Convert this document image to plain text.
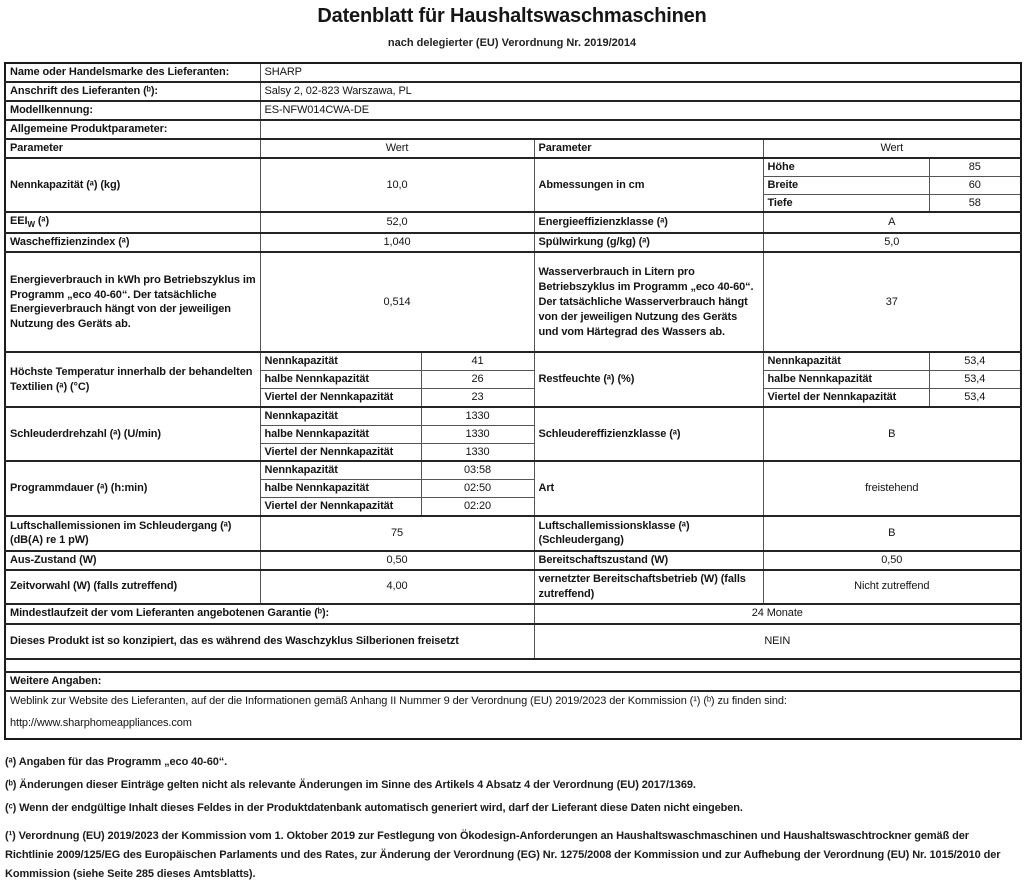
Datenblatt für Haushaltswaschmaschinen
nach delegierter (EU) Verordnung Nr. 2019/2014
Name oder Handelsmarke des Lieferanten:	SHARP				
Anschrift des Lieferanten (ᵇ):	Salsy 2, 02-823 Warszawa, PL				
Modellkennung:	ES-NFW014CWA-DE				
Allgemeine Produktparameter:					
Parameter	Wert		Parameter	Wert	
Nennkapazität (ᵃ) (kg)	10,0		Abmessungen in cm	Höhe	85
				Breite	60
				Tiefe	58
$EEI_W$ (ᵃ)	52,0		Energieeffizienzklasse (ᵃ)	A	
Wascheffizienzindex (ᵃ)	1,040		Spülwirkung (g/kg) (ᵃ)	5,0	
Energieverbrauch in kWh pro Betriebszyklus im Programm „eco 40-60“. Der tatsächliche Energieverbrauch hängt von der jeweiligen Nutzung des Geräts ab.	0,514		Wasserverbrauch in Litern pro Betriebszyklus im Programm „eco 40-60“. Der tatsächliche Wasserverbrauch hängt von der jeweiligen Nutzung des Geräts und vom Härtegrad des Wassers ab.	37	
Höchste Temperatur innerhalb der behandelten Textilien (ᵃ) (°C)	Nennkapazität	41	Restfeuchte (ᵃ) (%)	Nennkapazität	53,4
	halbe Nennkapazität	26		halbe Nennkapazität	53,4
	Viertel der Nennkapazität	23		Viertel der Nennkapazität	53,4
Schleuderdrehzahl (ᵃ) (U/min)	Nennkapazität	1330	Schleudereffizienzklasse (ᵃ)	B	
	halbe Nennkapazität	1330			
	Viertel der Nennkapazität	1330			
Programmdauer (ᵃ) (h:min)	Nennkapazität	03:58	Art	freistehend	
	halbe Nennkapazität	02:50			
	Viertel der Nennkapazität	02:20			
Luftschallemissionen im Schleudergang (ᵃ) (dB(A) re 1 pW)	75		Luftschallemissionsklasse (ᵃ) (Schleudergang)	B	
Aus-Zustand (W)	0,50		Bereitschaftszustand (W)	0,50	
Zeitvorwahl (W) (falls zutreffend)	4,00		vernetzter Bereitschaftsbetrieb (W) (falls zutreffend)	Nicht zutreffend	
Mindestlaufzeit der vom Lieferanten angebotenen Garantie (ᵇ):			24 Monate		
Dieses Produkt ist so konzipiert, das es während des Waschzyklus Silberionen freisetzt			NEIN		

Weitere Angaben:					

Weblink zur Website des Lieferanten, auf der die Informationen gemäß Anhang II Nummer 9 der Verordnung (EU) 2019/2023 der Kommission (¹) (ᵇ) zu finden sind:
http://www.sharphomeappliances.com					
(ᵃ) Angaben für das Programm „eco 40-60“.
(ᵇ) Änderungen dieser Einträge gelten nicht als relevante Änderungen im Sinne des Artikels 4 Absatz 4 der Verordnung (EU) 2017/1369.
(ᶜ) Wenn der endgültige Inhalt dieses Feldes in der Produktdatenbank automatisch generiert wird, darf der Lieferant diese Daten nicht eingeben.
(¹) Verordnung (EU) 2019/2023 der Kommission vom 1. Oktober 2019 zur Festlegung von Ökodesign-Anforderungen an Haushaltswaschmaschinen und Haushaltswaschtrockner gemäß der Richtlinie 2009/125/EG des Europäischen Parlaments und des Rates, zur Änderung der Verordnung (EG) Nr. 1275/2008 der Kommission und zur Aufhebung der Verordnung (EU) Nr. 1015/2010 der Kommission (siehe Seite 285 dieses Amtsblatts).
